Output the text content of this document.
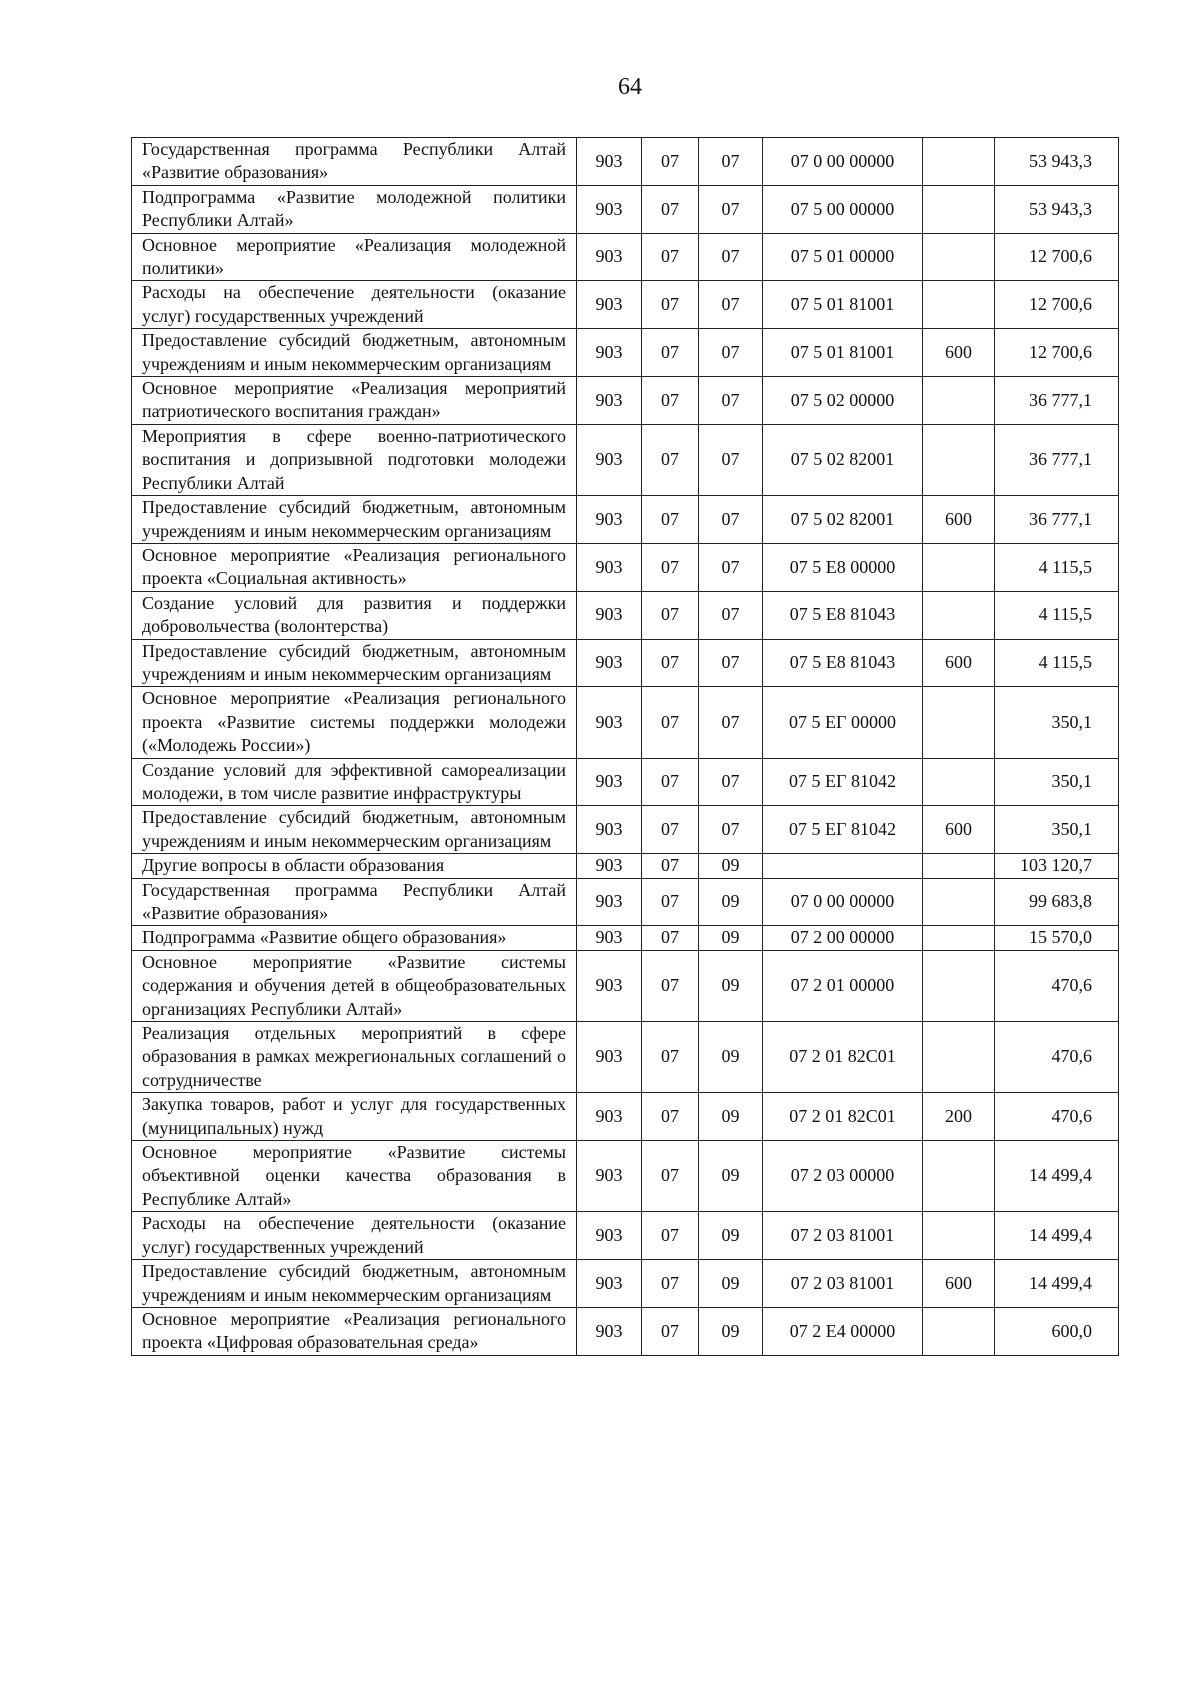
64
Государственная программа Республики Алтай «Развитие образования»	903	07	07	07 0 00 00000		53 943,3
Подпрограмма «Развитие молодежной политики Республики Алтай»	903	07	07	07 5 00 00000		53 943,3
Основное мероприятие «Реализация молодежной политики»	903	07	07	07 5 01 00000		12 700,6
Расходы на обеспечение деятельности (оказание услуг) государственных учреждений	903	07	07	07 5 01 81001		12 700,6
Предоставление субсидий бюджетным, автономным учреждениям и иным некоммерческим организациям	903	07	07	07 5 01 81001	600	12 700,6
Основное мероприятие «Реализация мероприятий патриотического воспитания граждан»	903	07	07	07 5 02 00000		36 777,1
Мероприятия в сфере военно-патриотического воспитания и допризывной подготовки молодежи Республики Алтай	903	07	07	07 5 02 82001		36 777,1
Предоставление субсидий бюджетным, автономным учреждениям и иным некоммерческим организациям	903	07	07	07 5 02 82001	600	36 777,1
Основное мероприятие «Реализация регионального проекта «Социальная активность»	903	07	07	07 5 E8 00000		4 115,5
Создание условий для развития и поддержки добровольчества (волонтерства)	903	07	07	07 5 E8 81043		4 115,5
Предоставление субсидий бюджетным, автономным учреждениям и иным некоммерческим организациям	903	07	07	07 5 E8 81043	600	4 115,5
Основное мероприятие «Реализация регионального проекта «Развитие системы поддержки молодежи («Молодежь России»)	903	07	07	07 5 ЕГ 00000		350,1
Создание условий для эффективной самореализации молодежи, в том числе развитие инфраструктуры	903	07	07	07 5 ЕГ 81042		350,1
Предоставление субсидий бюджетным, автономным учреждениям и иным некоммерческим организациям	903	07	07	07 5 ЕГ 81042	600	350,1
Другие вопросы в области образования	903	07	09			103 120,7
Государственная программа Республики Алтай «Развитие образования»	903	07	09	07 0 00 00000		99 683,8
Подпрограмма «Развитие общего образования»	903	07	09	07 2 00 00000		15 570,0
Основное мероприятие «Развитие системы содержания и обучения детей в общеобразовательных организациях Республики Алтай»	903	07	09	07 2 01 00000		470,6
Реализация отдельных мероприятий в сфере образования в рамках межрегиональных соглашений о сотрудничестве	903	07	09	07 2 01 82С01		470,6
Закупка товаров, работ и услуг для государственных (муниципальных) нужд	903	07	09	07 2 01 82С01	200	470,6
Основное мероприятие «Развитие системы объективной оценки качества образования в Республике Алтай»	903	07	09	07 2 03 00000		14 499,4
Расходы на обеспечение деятельности (оказание услуг) государственных учреждений	903	07	09	07 2 03 81001		14 499,4
Предоставление субсидий бюджетным, автономным учреждениям и иным некоммерческим организациям	903	07	09	07 2 03 81001	600	14 499,4
Основное мероприятие «Реализация регионального проекта «Цифровая образовательная среда»	903	07	09	07 2 E4 00000		600,0
